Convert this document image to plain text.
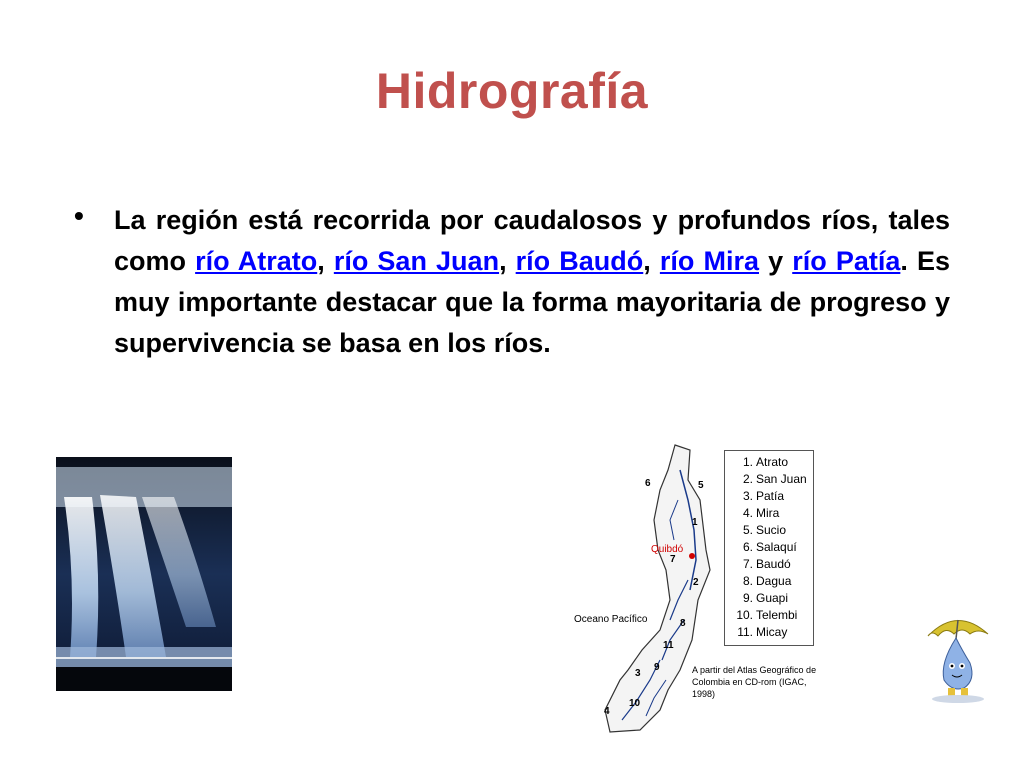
Hidrografía
• La región está recorrida por caudalosos y profundos ríos, tales como río Atrato, río San Juan, río Baudó, río Mira y río Patía. Es muy importante destacar que la forma mayoritaria de progreso y supervivencia se basa en los ríos.

6	5
1
7
2
8
11
9
3
10
4
Quibdó
Oceano Pacífico
A partir del Atlas Geográfico de Colombia en CD-rom (IGAC, 1998)
1. Atrato
2. San Juan
3. Patía
4. Mira
5. Sucio
6. Salaquí
7. Baudó
8. Dagua
9. Guapi
10. Telembi
11. Micay
